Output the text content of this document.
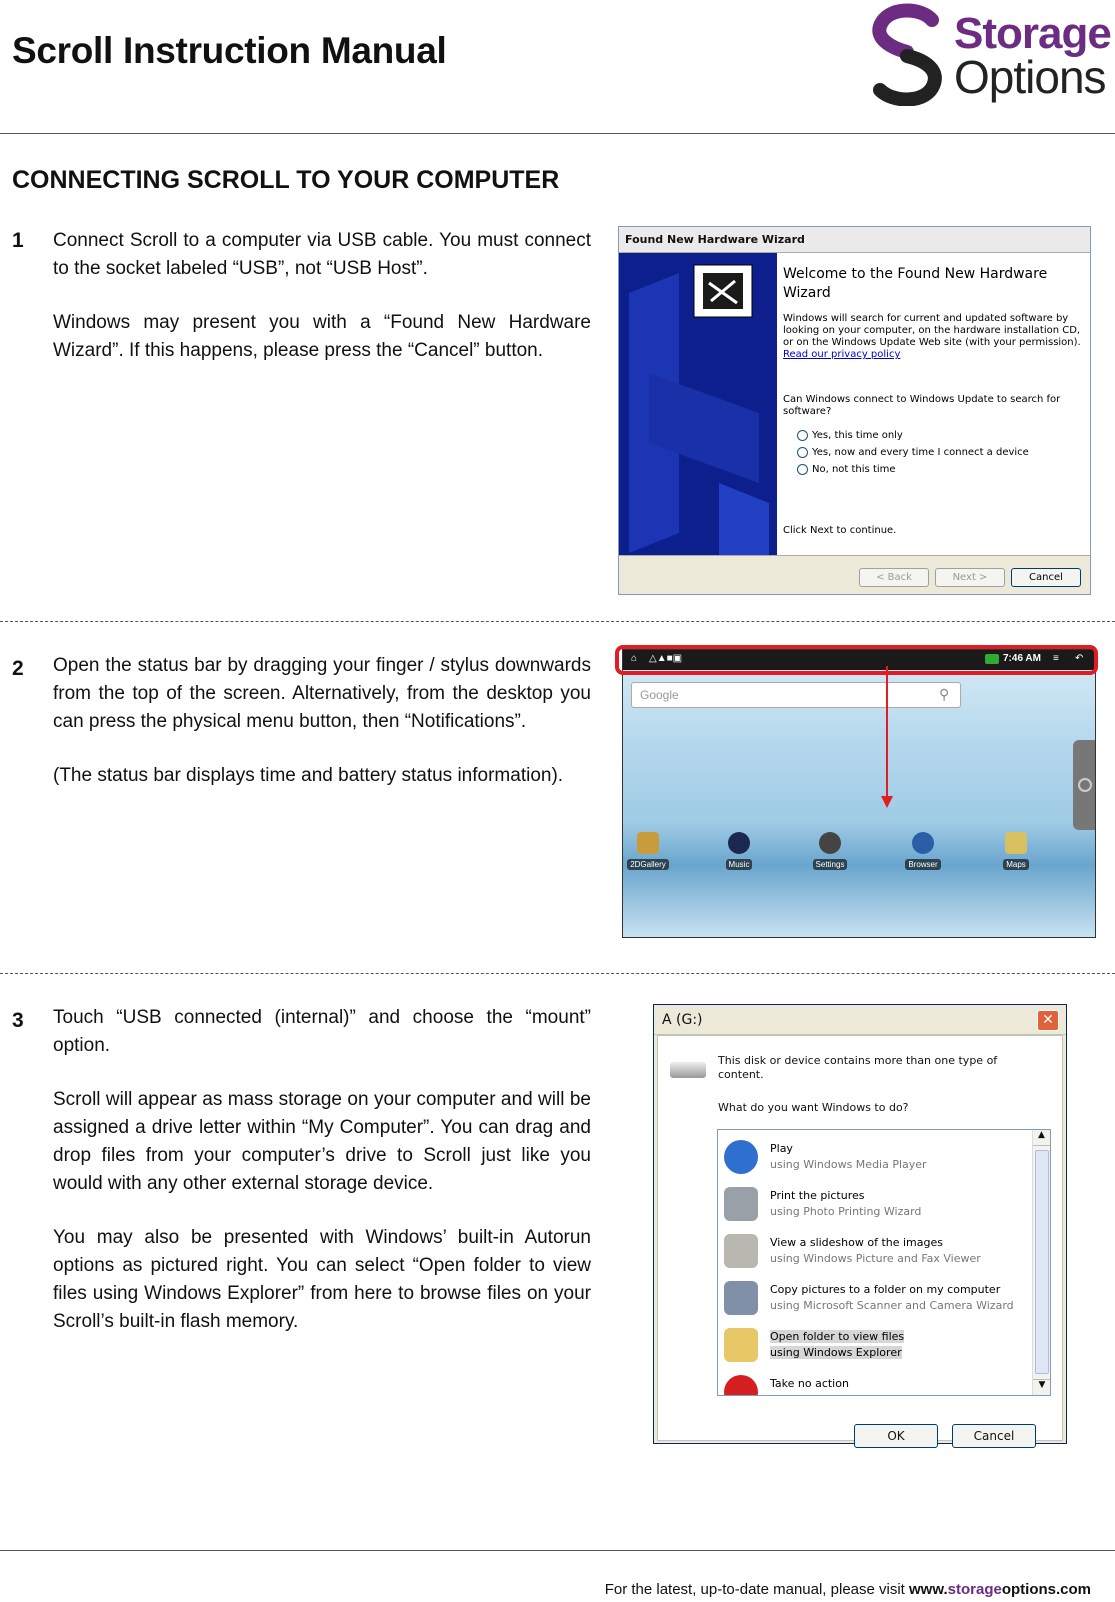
Scroll Instruction Manual	Storage
Options
CONNECTING SCROLL TO YOUR COMPUTER
1 Connect Scroll to a computer via USB cable. You must connect to the socket labeled “USB”, not “USB Host”.

Windows may present you with a “Found New Hardware Wizard”. If this happens, please press the “Cancel” button.

Found New Hardware Wizard
Welcome to the Found New Hardware Wizard
Windows will search for current and updated software by looking on your computer, on the hardware installation CD, or on the Windows Update Web site (with your permission).
Read our privacy policy
Can Windows connect to Windows Update to search for software?
Yes, this time only
Yes, now and every time I connect a device
No, not this time
Click Next to continue.
< Back	Next >	Cancel
2 Open the status bar by dragging your finger / stylus downwards from the top of the screen. Alternatively, from the desktop you can press the physical menu button, then “Notifications”.

(The status bar displays time and battery status information).

⌂ △▲■▣	7:46 AM ≡ ↶
Google	⚲
2DGallery	Music	Settings	Browser	Maps
3 Touch “USB connected (internal)” and choose the “mount” option.

Scroll will appear as mass storage on your computer and will be assigned a drive letter within “My Computer”. You can drag and drop files from your computer’s drive to Scroll just like you would with any other external storage device.

You may also be presented with Windows’ built-in Autorun options as pictured right. You can select “Open folder to view files using Windows Explorer” from here to browse files on your Scroll’s built-in flash memory.

A (G:)	✕
This disk or device contains more than one type of content.
What do you want Windows to do?
Take no action
Open folder to view files
using Windows Explorer
Copy pictures to a folder on my computer
using Microsoft Scanner and Camera Wizard
View a slideshow of the images
using Windows Picture and Fax Viewer
Print the pictures
using Photo Printing Wizard
Play
using Windows Media Player
▲
▼
OK	Cancel
For the latest, up-to-date manual, please visit www.storageoptions.com
